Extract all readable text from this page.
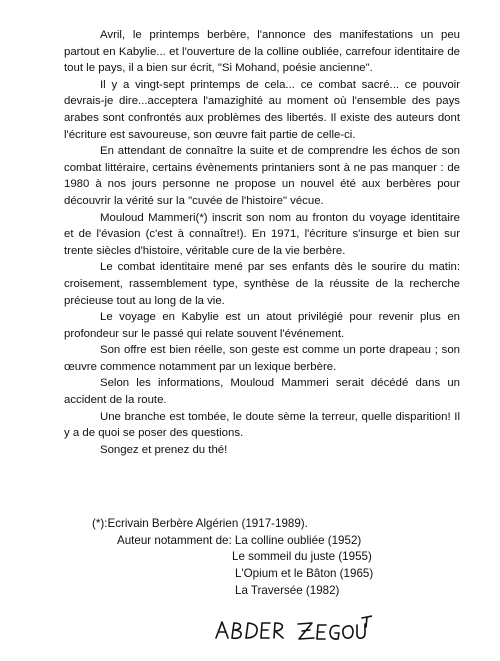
Avril, le printemps berbère, l'annonce des manifestations un peu partout en Kabylie... et l'ouverture de la colline oubliée, carrefour identitaire de tout le pays, il a bien sur écrit, "Si Mohand, poésie ancienne".

Il y a vingt-sept printemps de cela... ce combat sacré... ce pouvoir devrais-je dire...acceptera l'amazighité au moment où l'ensemble des pays arabes sont confrontés aux problèmes des libertés. Il existe des auteurs dont l'écriture est savoureuse, son œuvre fait partie de celle-ci.

En attendant de connaître la suite et de comprendre les échos de son combat littéraire, certains évènements printaniers sont à ne pas manquer : de 1980 à nos jours personne ne propose un nouvel été aux berbères pour découvrir la vérité sur la "cuvée de l'histoire" vécue.

Mouloud Mammeri(*) inscrit son nom au fronton du voyage identitaire et de l'évasion (c'est à connaître!). En 1971, l'écriture s'insurge et bien sur trente siècles d'histoire, véritable cure de la vie berbère.

Le combat identitaire mené par ses enfants dès le sourire du matin: croisement, rassemblement type, synthèse de la réussite de la recherche précieuse tout au long de la vie.

Le voyage en Kabylie est un atout privilégié pour revenir plus en profondeur sur le passé qui relate souvent l'événement.

Son offre est bien réelle, son geste est comme un porte drapeau ; son œuvre commence notamment par un lexique berbère.

Selon les informations, Mouloud Mammeri serait décédé dans un accident de la route.

Une branche est tombée, le doute sème la terreur, quelle disparition! Il y a de quoi se poser des questions.

Songez et prenez du thé!

(*):Ecrivain Berbère Algérien (1917-1989).
Auteur notamment de: La colline oubliée (1952)
Le sommeil du juste (1955)
L'Opium et le Bâton (1965)
La Traversée (1982)
